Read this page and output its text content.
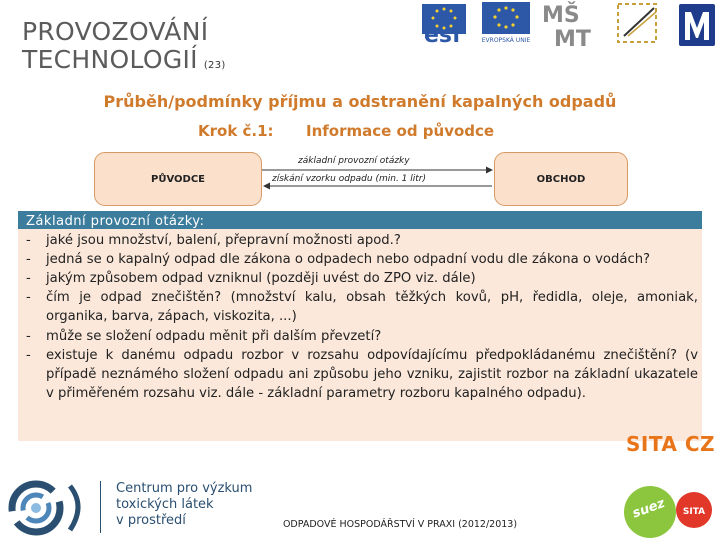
PROVOZOVÁNÍ
TECHNOLOGIÍ (23)
esf	EVROPSKÁ UNIE
MŠ
MT
Průběh/podmínky příjmu a odstranění kapalných odpadů
Krok č.1: Informace od původce
PŮVODCE	OBCHOD
základní provozní otázky
získání vzorku odpadu (min. 1 litr)
Základní provozní otázky:
-	jaké jsou množství, balení, přepravní možnosti apod.?
-	jedná se o kapalný odpad dle zákona o odpadech nebo odpadní vodu dle zákona o vodách?
-	jakým způsobem odpad vzniknul (později uvést do ZPO viz. dále)
-	čím je odpad znečištěn? (množství kalu, obsah těžkých kovů, pH, ředidla, oleje, amoniak, organika, barva, zápach, viskozita, ...)
-	může se složení odpadu měnit při dalším převzetí?
-	existuje k danému odpadu rozbor v rozsahu odpovídajícímu předpokládanému znečištění? (v případě neznámého složení odpadu ani způsobu jeho vzniku, zajistit rozbor na základní ukazatele v přiměřeném rozsahu viz. dále - základní parametry rozboru kapalného odpadu).
Centrum pro výzkum
toxických látek
v prostředí
SITA CZ
suez SITA
ODPADOVÉ HOSPODÁŘSTVÍ V PRAXI (2012/2013)
